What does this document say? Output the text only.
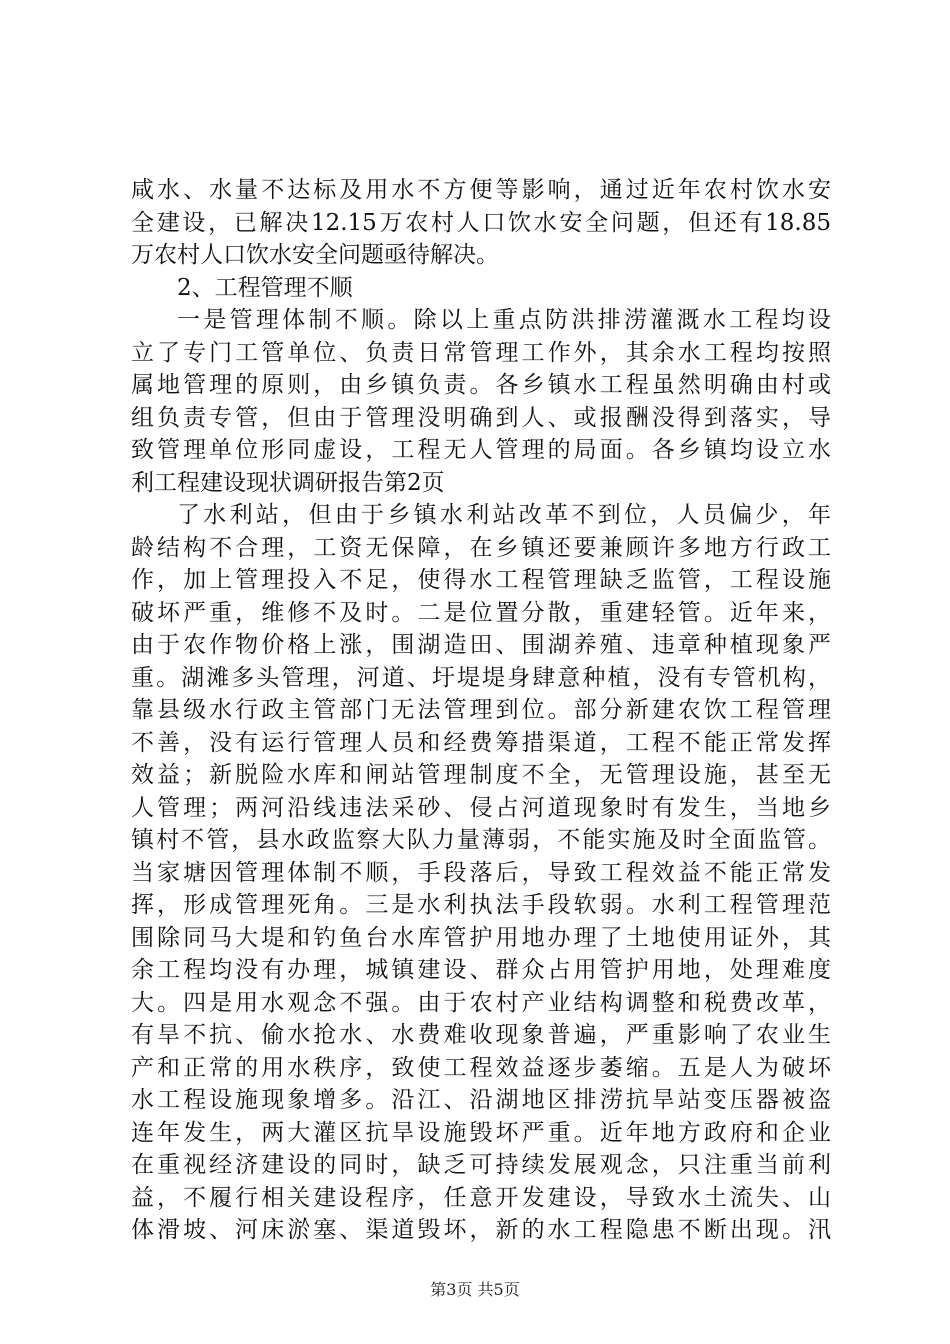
咸水、水量不达标及用水不方便等影响，通过近年农村饮水安
全建设，已解决12.15万农村人口饮水安全问题，但还有18.85
万农村人口饮水安全问题亟待解决。
2、工程管理不顺
一是管理体制不顺。除以上重点防洪排涝灌溉水工程均设
立了专门工管单位、负责日常管理工作外，其余水工程均按照
属地管理的原则，由乡镇负责。各乡镇水工程虽然明确由村或
组负责专管，但由于管理没明确到人、或报酬没得到落实，导
致管理单位形同虚设，工程无人管理的局面。各乡镇均设立水
利工程建设现状调研报告第2页
了水利站，但由于乡镇水利站改革不到位，人员偏少，年
龄结构不合理，工资无保障，在乡镇还要兼顾许多地方行政工
作，加上管理投入不足，使得水工程管理缺乏监管，工程设施
破坏严重，维修不及时。二是位置分散，重建轻管。近年来，
由于农作物价格上涨，围湖造田、围湖养殖、违章种植现象严
重。湖滩多头管理，河道、圩堤堤身肆意种植，没有专管机构，
靠县级水行政主管部门无法管理到位。部分新建农饮工程管理
不善，没有运行管理人员和经费筹措渠道，工程不能正常发挥
效益；新脱险水库和闸站管理制度不全，无管理设施，甚至无
人管理；两河沿线违法采砂、侵占河道现象时有发生，当地乡
镇村不管，县水政监察大队力量薄弱，不能实施及时全面监管。
当家塘因管理体制不顺，手段落后，导致工程效益不能正常发
挥，形成管理死角。三是水利执法手段软弱。水利工程管理范
围除同马大堤和钓鱼台水库管护用地办理了土地使用证外，其
余工程均没有办理，城镇建设、群众占用管护用地，处理难度
大。四是用水观念不强。由于农村产业结构调整和税费改革，
有旱不抗、偷水抢水、水费难收现象普遍，严重影响了农业生
产和正常的用水秩序，致使工程效益逐步萎缩。五是人为破坏
水工程设施现象增多。沿江、沿湖地区排涝抗旱站变压器被盗
连年发生，两大灌区抗旱设施毁坏严重。近年地方政府和企业
在重视经济建设的同时，缺乏可持续发展观念，只注重当前利
益，不履行相关建设程序，任意开发建设，导致水土流失、山
体滑坡、河床淤塞、渠道毁坏，新的水工程隐患不断出现。汛
第3页 共5页
